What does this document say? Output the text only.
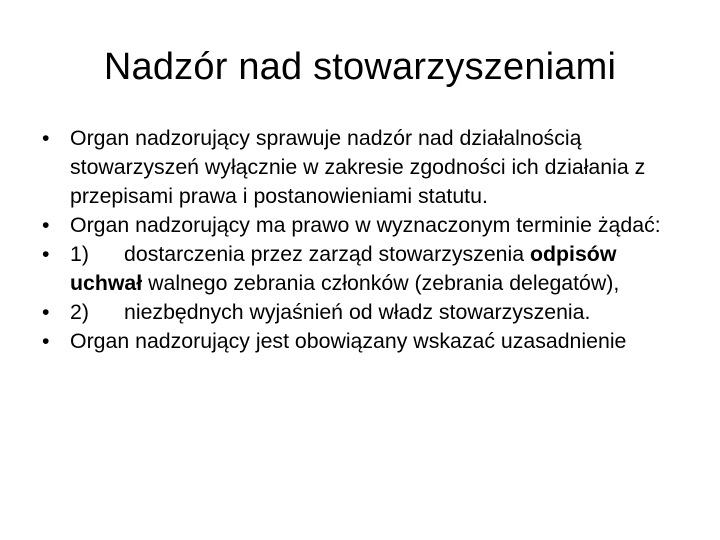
Nadzór nad stowarzyszeniami
• Organ nadzorujący sprawuje nadzór nad działalnością stowarzyszeń wyłącznie w zakresie zgodności ich działania z przepisami prawa i postanowieniami statutu.
• Organ nadzorujący ma prawo w wyznaczonym terminie żądać:
• 1) dostarczenia przez zarząd stowarzyszenia odpisów uchwał walnego zebrania członków (zebrania delegatów),
• 2) niezbędnych wyjaśnień od władz stowarzyszenia.
• Organ nadzorujący jest obowiązany wskazać uzasadnienie
